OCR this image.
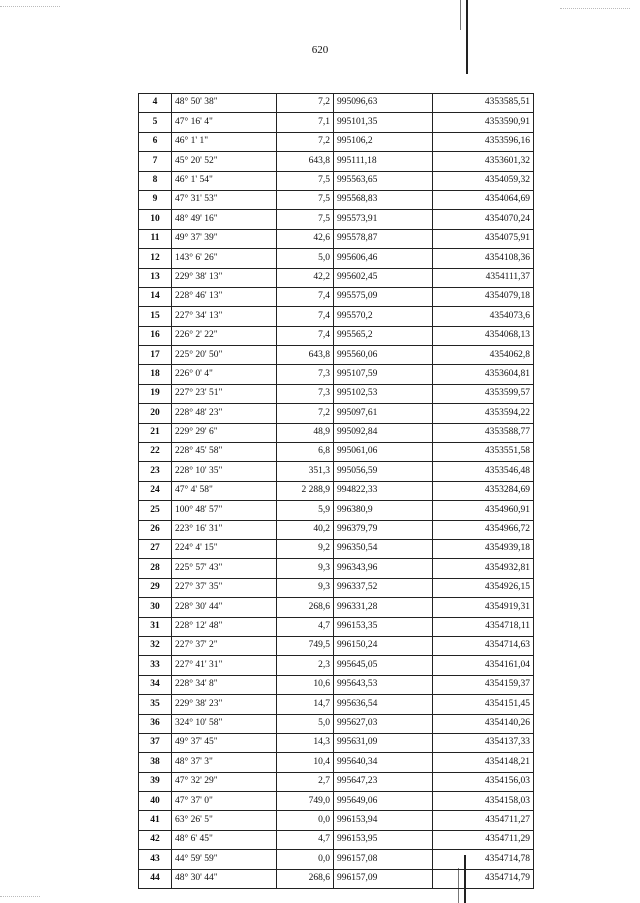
620
4	48° 50' 38"	7,2	995096,63	4353585,51
5	47° 16' 4"	7,1	995101,35	4353590,91
6	46° 1' 1"	7,2	995106,2	4353596,16
7	45° 20' 52"	643,8	995111,18	4353601,32
8	46° 1' 54"	7,5	995563,65	4354059,32
9	47° 31' 53"	7,5	995568,83	4354064,69
10	48° 49' 16"	7,5	995573,91	4354070,24
11	49° 37' 39"	42,6	995578,87	4354075,91
12	143° 6' 26"	5,0	995606,46	4354108,36
13	229° 38' 13"	42,2	995602,45	4354111,37
14	228° 46' 13"	7,4	995575,09	4354079,18
15	227° 34' 13"	7,4	995570,2	4354073,6
16	226° 2' 22"	7,4	995565,2	4354068,13
17	225° 20' 50"	643,8	995560,06	4354062,8
18	226° 0' 4"	7,3	995107,59	4353604,81
19	227° 23' 51"	7,3	995102,53	4353599,57
20	228° 48' 23"	7,2	995097,61	4353594,22
21	229° 29' 6"	48,9	995092,84	4353588,77
22	228° 45' 58"	6,8	995061,06	4353551,58
23	228° 10' 35"	351,3	995056,59	4353546,48
24	47° 4' 58"	2 288,9	994822,33	4353284,69
25	100° 48' 57"	5,9	996380,9	4354960,91
26	223° 16' 31"	40,2	996379,79	4354966,72
27	224° 4' 15"	9,2	996350,54	4354939,18
28	225° 57' 43"	9,3	996343,96	4354932,81
29	227° 37' 35"	9,3	996337,52	4354926,15
30	228° 30' 44"	268,6	996331,28	4354919,31
31	228° 12' 48"	4,7	996153,35	4354718,11
32	227° 37' 2"	749,5	996150,24	4354714,63
33	227° 41' 31"	2,3	995645,05	4354161,04
34	228° 34' 8"	10,6	995643,53	4354159,37
35	229° 38' 23"	14,7	995636,54	4354151,45
36	324° 10' 58"	5,0	995627,03	4354140,26
37	49° 37' 45"	14,3	995631,09	4354137,33
38	48° 37' 3"	10,4	995640,34	4354148,21
39	47° 32' 29"	2,7	995647,23	4354156,03
40	47° 37' 0"	749,0	995649,06	4354158,03
41	63° 26' 5"	0,0	996153,94	4354711,27
42	48° 6' 45"	4,7	996153,95	4354711,29
43	44° 59' 59"	0,0	996157,08	4354714,78
44	48° 30' 44"	268,6	996157,09	4354714,79
